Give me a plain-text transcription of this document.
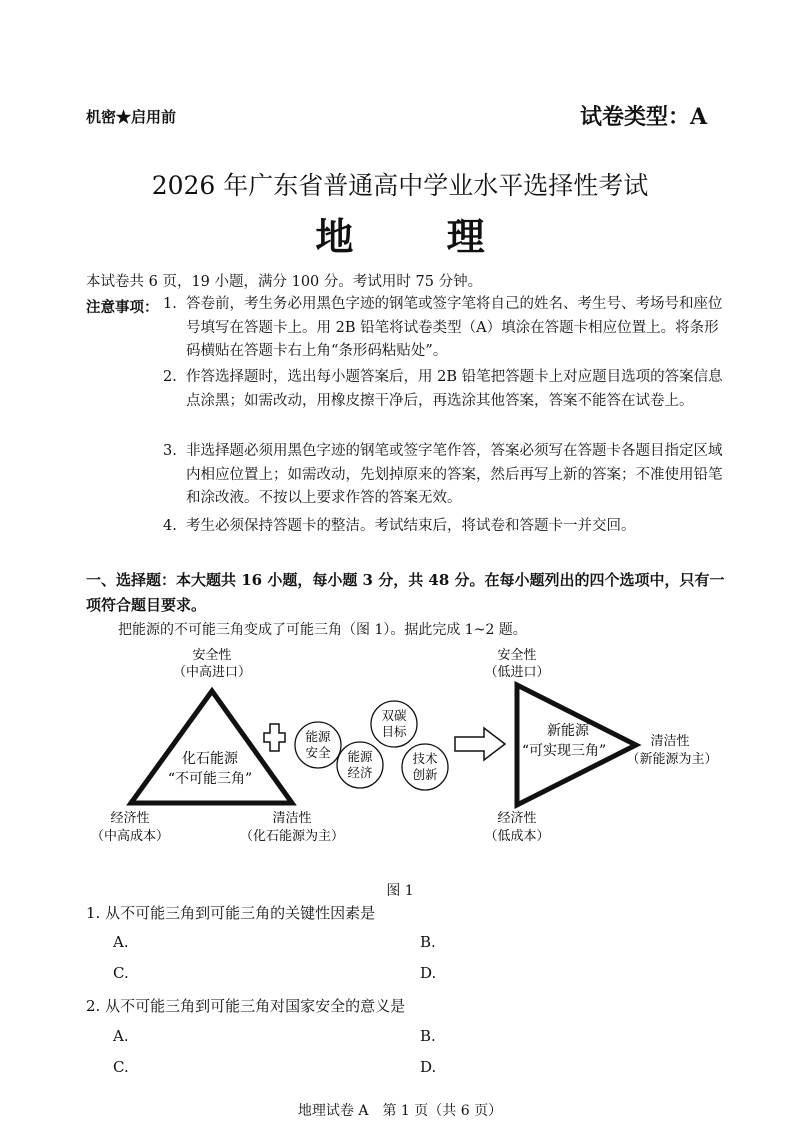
机密★启用前	试卷类型：A
2026 年广东省普通高中学业水平选择性考试
地 理
本试卷共 6 页，19 小题，满分 100 分。考试用时 75 分钟。
注意事项： 1. 答卷前，考生务必用黑色字迹的钢笔或签字笔将自己的姓名、考生号、考场号和座位号填写在答题卡上。用 2B 铅笔将试卷类型（A）填涂在答题卡相应位置上。将条形码横贴在答题卡右上角“条形码粘贴处”。
2. 作答选择题时，选出每小题答案后，用 2B 铅笔把答题卡上对应题目选项的答案信息点涂黑；如需改动，用橡皮擦干净后，再选涂其他答案，答案不能答在试卷上。
3. 非选择题必须用黑色字迹的钢笔或签字笔作答，答案必须写在答题卡各题目指定区域内相应位置上；如需改动，先划掉原来的答案，然后再写上新的答案；不准使用铅笔和涂改液。不按以上要求作答的答案无效。
4. 考生必须保持答题卡的整洁。考试结束后，将试卷和答题卡一并交回。
一、选择题：本大题共 16 小题，每小题 3 分，共 48 分。在每小题列出的四个选项中，只有一项符合题目要求。
把能源的不可能三角变成了可能三角（图 1）。据此完成 1~2 题。
安全性
（中高进口）
化石能源
“不可能三角”
经济性
（中高成本）
清洁性
（化石能源为主）
能源
安全 能源
经济
双碳
目标
技术
创新
安全性
（低进口）
新能源
“可实现三角”
清洁性
（新能源为主）
经济性
（低成本）
图 1
1. 从不可能三角到可能三角的关键性因素是
A.	B.
C.	D.
2. 从不可能三角到可能三角对国家安全的意义是
A.	B.
C.	D.
地理试卷 A　第 1 页（共 6 页）
